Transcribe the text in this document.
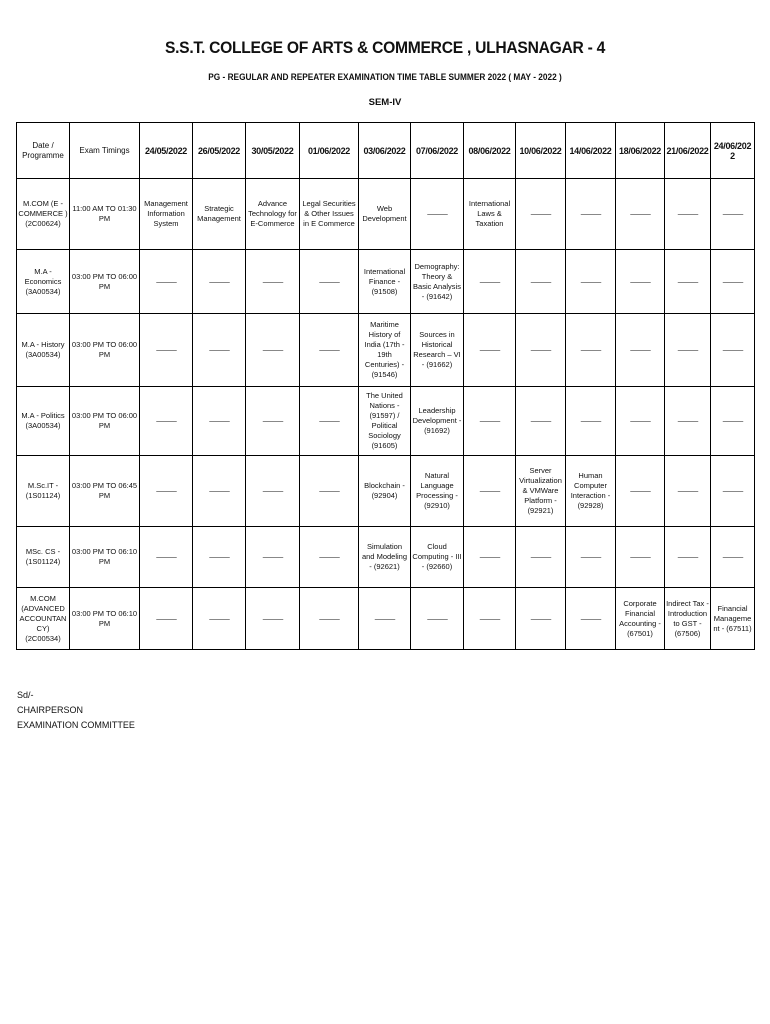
S.S.T. COLLEGE OF ARTS & COMMERCE , ULHASNAGAR - 4
PG - REGULAR AND REPEATER EXAMINATION TIME TABLE SUMMER 2022 ( MAY - 2022 )
SEM-IV
Date / Programme	Exam Timings	24/05/2022	26/05/2022	30/05/2022	01/06/2022	03/06/2022	07/06/2022	08/06/2022	10/06/2022	14/06/2022	18/06/2022	21/06/2022	24/06/2022
M.COM (E - COMMERCE ) (2C00624)	11:00 AM TO 01:30 PM	Management Information System	Strategic Management	Advance Technology for E-Commerce	Legal Securities & Other Issues in E Commerce	Web Development	———	International Laws & Taxation	———	———	———	———	———
M.A - Economics (3A00534)	03:00 PM TO 06:00 PM	———	———	———	———	International Finance - (91508)	Demography: Theory & Basic Analysis - (91642)	———	———	———	———	———	———
M.A - History (3A00534)	03:00 PM TO 06:00 PM	———	———	———	———	Maritime History of India (17th - 19th Centuries) - (91546)	Sources in Historical Research – VI - (91662)	———	———	———	———	———	———
M.A - Politics (3A00534)	03:00 PM TO 06:00 PM	———	———	———	———	The United Nations - (91597) / Political Sociology (91605)	Leadership Development - (91692)	———	———	———	———	———	———
M.Sc.IT - (1S01124)	03:00 PM TO 06:45 PM	———	———	———	———	Blockchain - (92904)	Natural Language Processing - (92910)	———	Server Virtualization & VMWare Platform - (92921)	Human Computer Interaction - (92928)	———	———	———
MSc. CS - (1S01124)	03:00 PM TO 06:10 PM	———	———	———	———	Simulation and Modeling - (92621)	Cloud Computing - III - (92660)	———	———	———	———	———	———
M.COM (ADVANCED ACCOUNTANCY) (2C00534)	03:00 PM TO 06:10 PM	———	———	———	———	———	———	———	———	———	Corporate Financial Accounting - (67501)	Indirect Tax -Introduction to GST - (67506)	Financial Management - (67511)
Sd/-
CHAIRPERSON
EXAMINATION COMMITTEE
